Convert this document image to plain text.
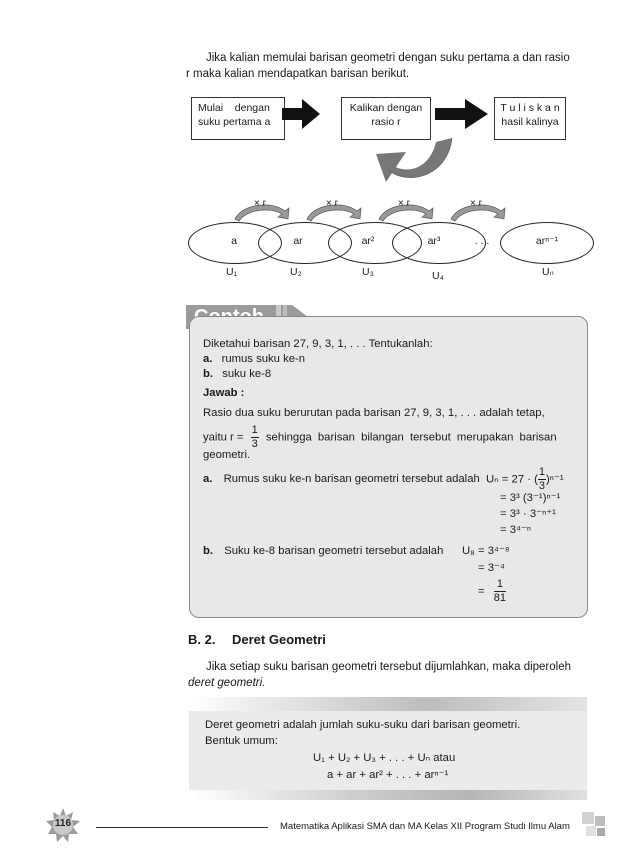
Jika kalian memulai barisan geometri dengan suku pertama a dan rasio
r maka kalian mendapatkan barisan berikut.
Mulai    dengan
suku pertama a
Kalikan dengan
rasio r
T u l i s k a n
hasil kalinya
× r	× r	× r	× r
a	ar	ar²	ar³	. . .	arⁿ⁻¹
U₁	U₂	U₃	U₄	Uₙ
Diketahui barisan 27, 9, 3, 1, . . . Tentukanlah:
a. rumus suku ke-n
b. suku ke-8
Jawab :
Rasio dua suku berurutan pada barisan 27, 9, 3, 1, . . . adalah tetap,
yaitu $r = \frac{1}{3}$ sehingga barisan bilangan tersebut merupakan barisan
geometri.
a. Rumus suku ke-n barisan geometri tersebut adalah Uₙ = 27 · ( $\frac{1}{3} )^{n-1}$
= 3³ (3⁻¹)ⁿ⁻¹
= 3³ · 3⁻ⁿ⁺¹
= 3⁴⁻ⁿ
b. Suku ke-8 barisan geometri tersebut adalah U₈ = 3⁴⁻⁸
= 3⁻⁴
= $\frac{1}{81}$
B. 2. Deret Geometri
Jika setiap suku barisan geometri tersebut dijumlahkan, maka diperoleh
deret geometri.
Deret geometri adalah jumlah suku-suku dari barisan geometri.
Bentuk umum:
U₁ + U₂ + U₃ + . . . + Uₙ atau
a + ar + ar² + . . . + arⁿ⁻¹
116	Matematika Aplikasi SMA dan MA Kelas XII Program Studi Ilmu Alam
